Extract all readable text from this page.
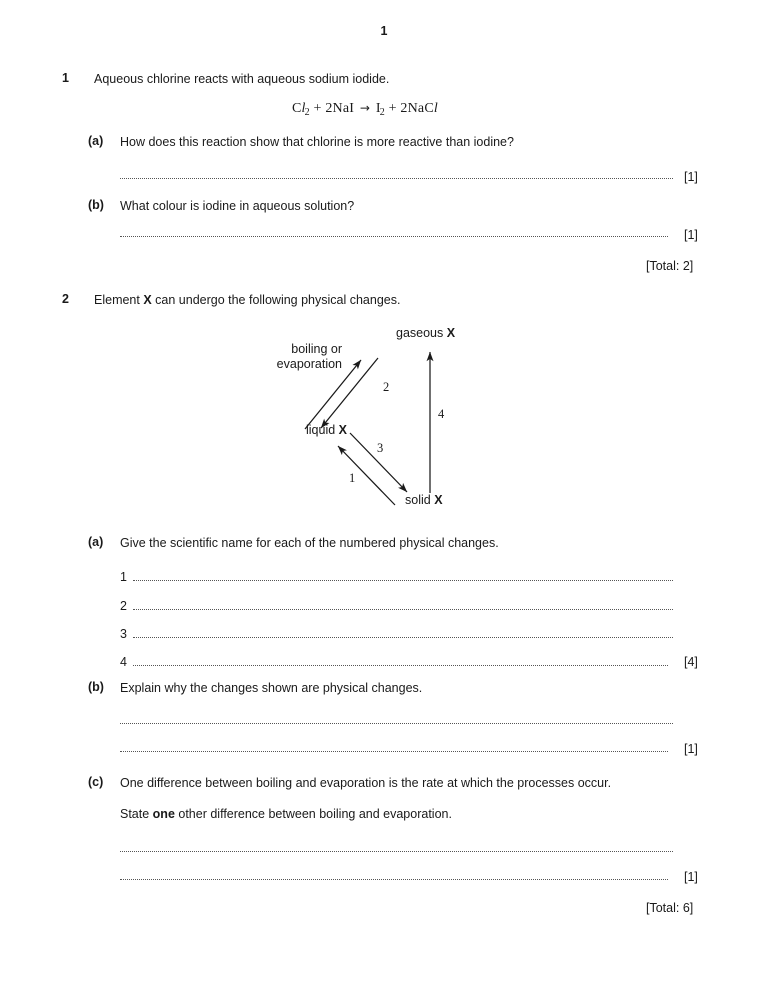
1
1 Aqueous chlorine reacts with aqueous sodium iodide.
$Cl_2 + 2NaI \to I_2$ + 2NaCl
(a) How does this reaction show that chlorine is more reactive than iodine?
[1]
(b) What colour is iodine in aqueous solution?
[1]
[Total: 2]
2 Element X can undergo the following physical changes.
gaseous X
liquid X
solid X
boiling or
evaporation
2
3
1
4
(a) Give the scientific name for each of the numbered physical changes.
1
2
3
4	[4]
(b) Explain why the changes shown are physical changes.
[1]
(c) One difference between boiling and evaporation is the rate at which the processes occur.
State one other difference between boiling and evaporation.
[1]
[Total: 6]
